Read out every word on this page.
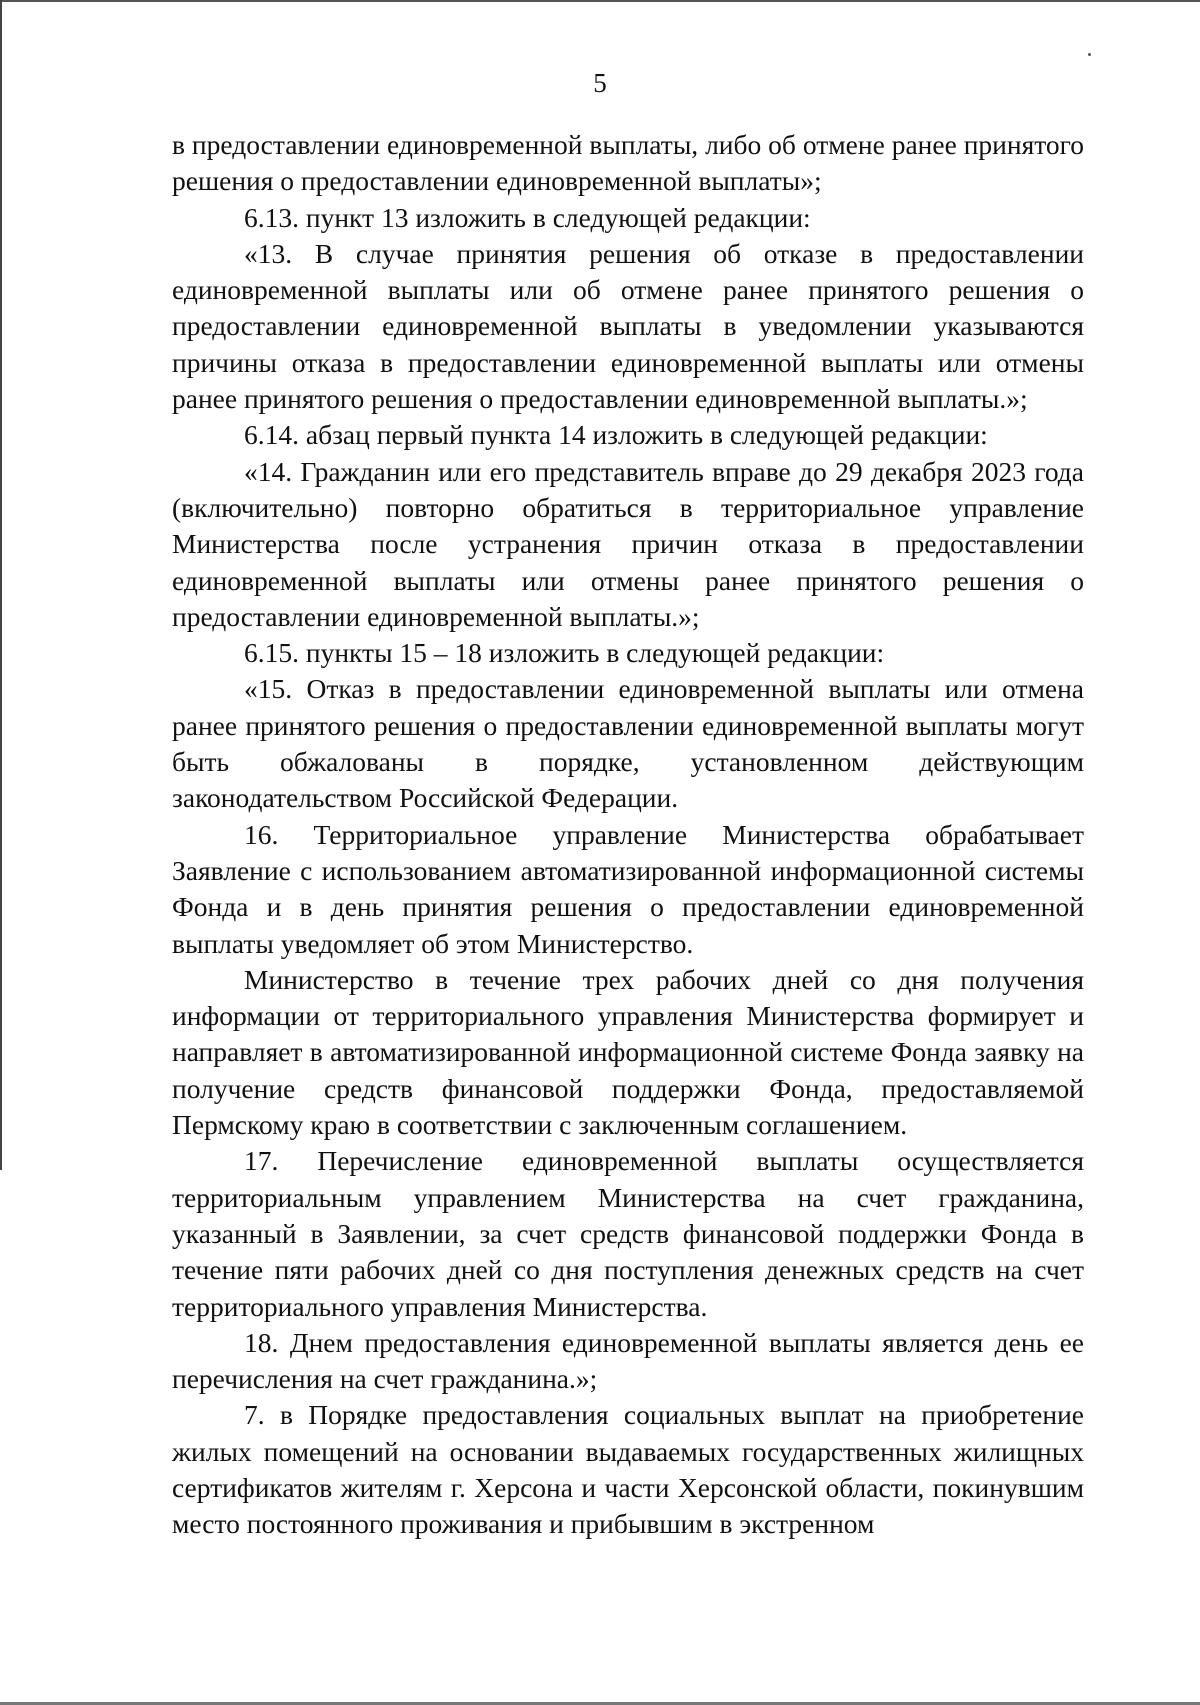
5

в предоставлении единовременной выплаты, либо об отмене ранее принятого решения о предоставлении единовременной выплаты»;

6.13. пункт 13 изложить в следующей редакции:

«13. В случае принятия решения об отказе в предоставлении единовременной выплаты или об отмене ранее принятого решения о предоставлении единовременной выплаты в уведомлении указываются причины отказа в предоставлении единовременной выплаты или отмены ранее принятого решения о предоставлении единовременной выплаты.»;

6.14. абзац первый пункта 14 изложить в следующей редакции:

«14. Гражданин или его представитель вправе до 29 декабря 2023 года (включительно) повторно обратиться в территориальное управление Министерства после устранения причин отказа в предоставлении единовременной выплаты или отмены ранее принятого решения о предоставлении единовременной выплаты.»;

6.15. пункты 15 – 18 изложить в следующей редакции:

«15. Отказ в предоставлении единовременной выплаты или отмена ранее принятого решения о предоставлении единовременной выплаты могут быть обжалованы в порядке, установленном действующим законодательством Российской Федерации.

16. Территориальное управление Министерства обрабатывает Заявление с использованием автоматизированной информационной системы Фонда и в день принятия решения о предоставлении единовременной выплаты уведомляет об этом Министерство.

Министерство в течение трех рабочих дней со дня получения информации от территориального управления Министерства формирует и направляет в автоматизированной информационной системе Фонда заявку на получение средств финансовой поддержки Фонда, предоставляемой Пермскому краю в соответствии с заключенным соглашением.

17. Перечисление единовременной выплаты осуществляется территориальным управлением Министерства на счет гражданина, указанный в Заявлении, за счет средств финансовой поддержки Фонда в течение пяти рабочих дней со дня поступления денежных средств на счет территориального управления Министерства.

18. Днем предоставления единовременной выплаты является день ее перечисления на счет гражданина.»;

7. в Порядке предоставления социальных выплат на приобретение жилых помещений на основании выдаваемых государственных жилищных сертификатов жителям г. Херсона и части Херсонской области, покинувшим место постоянного проживания и прибывшим в экстренном
